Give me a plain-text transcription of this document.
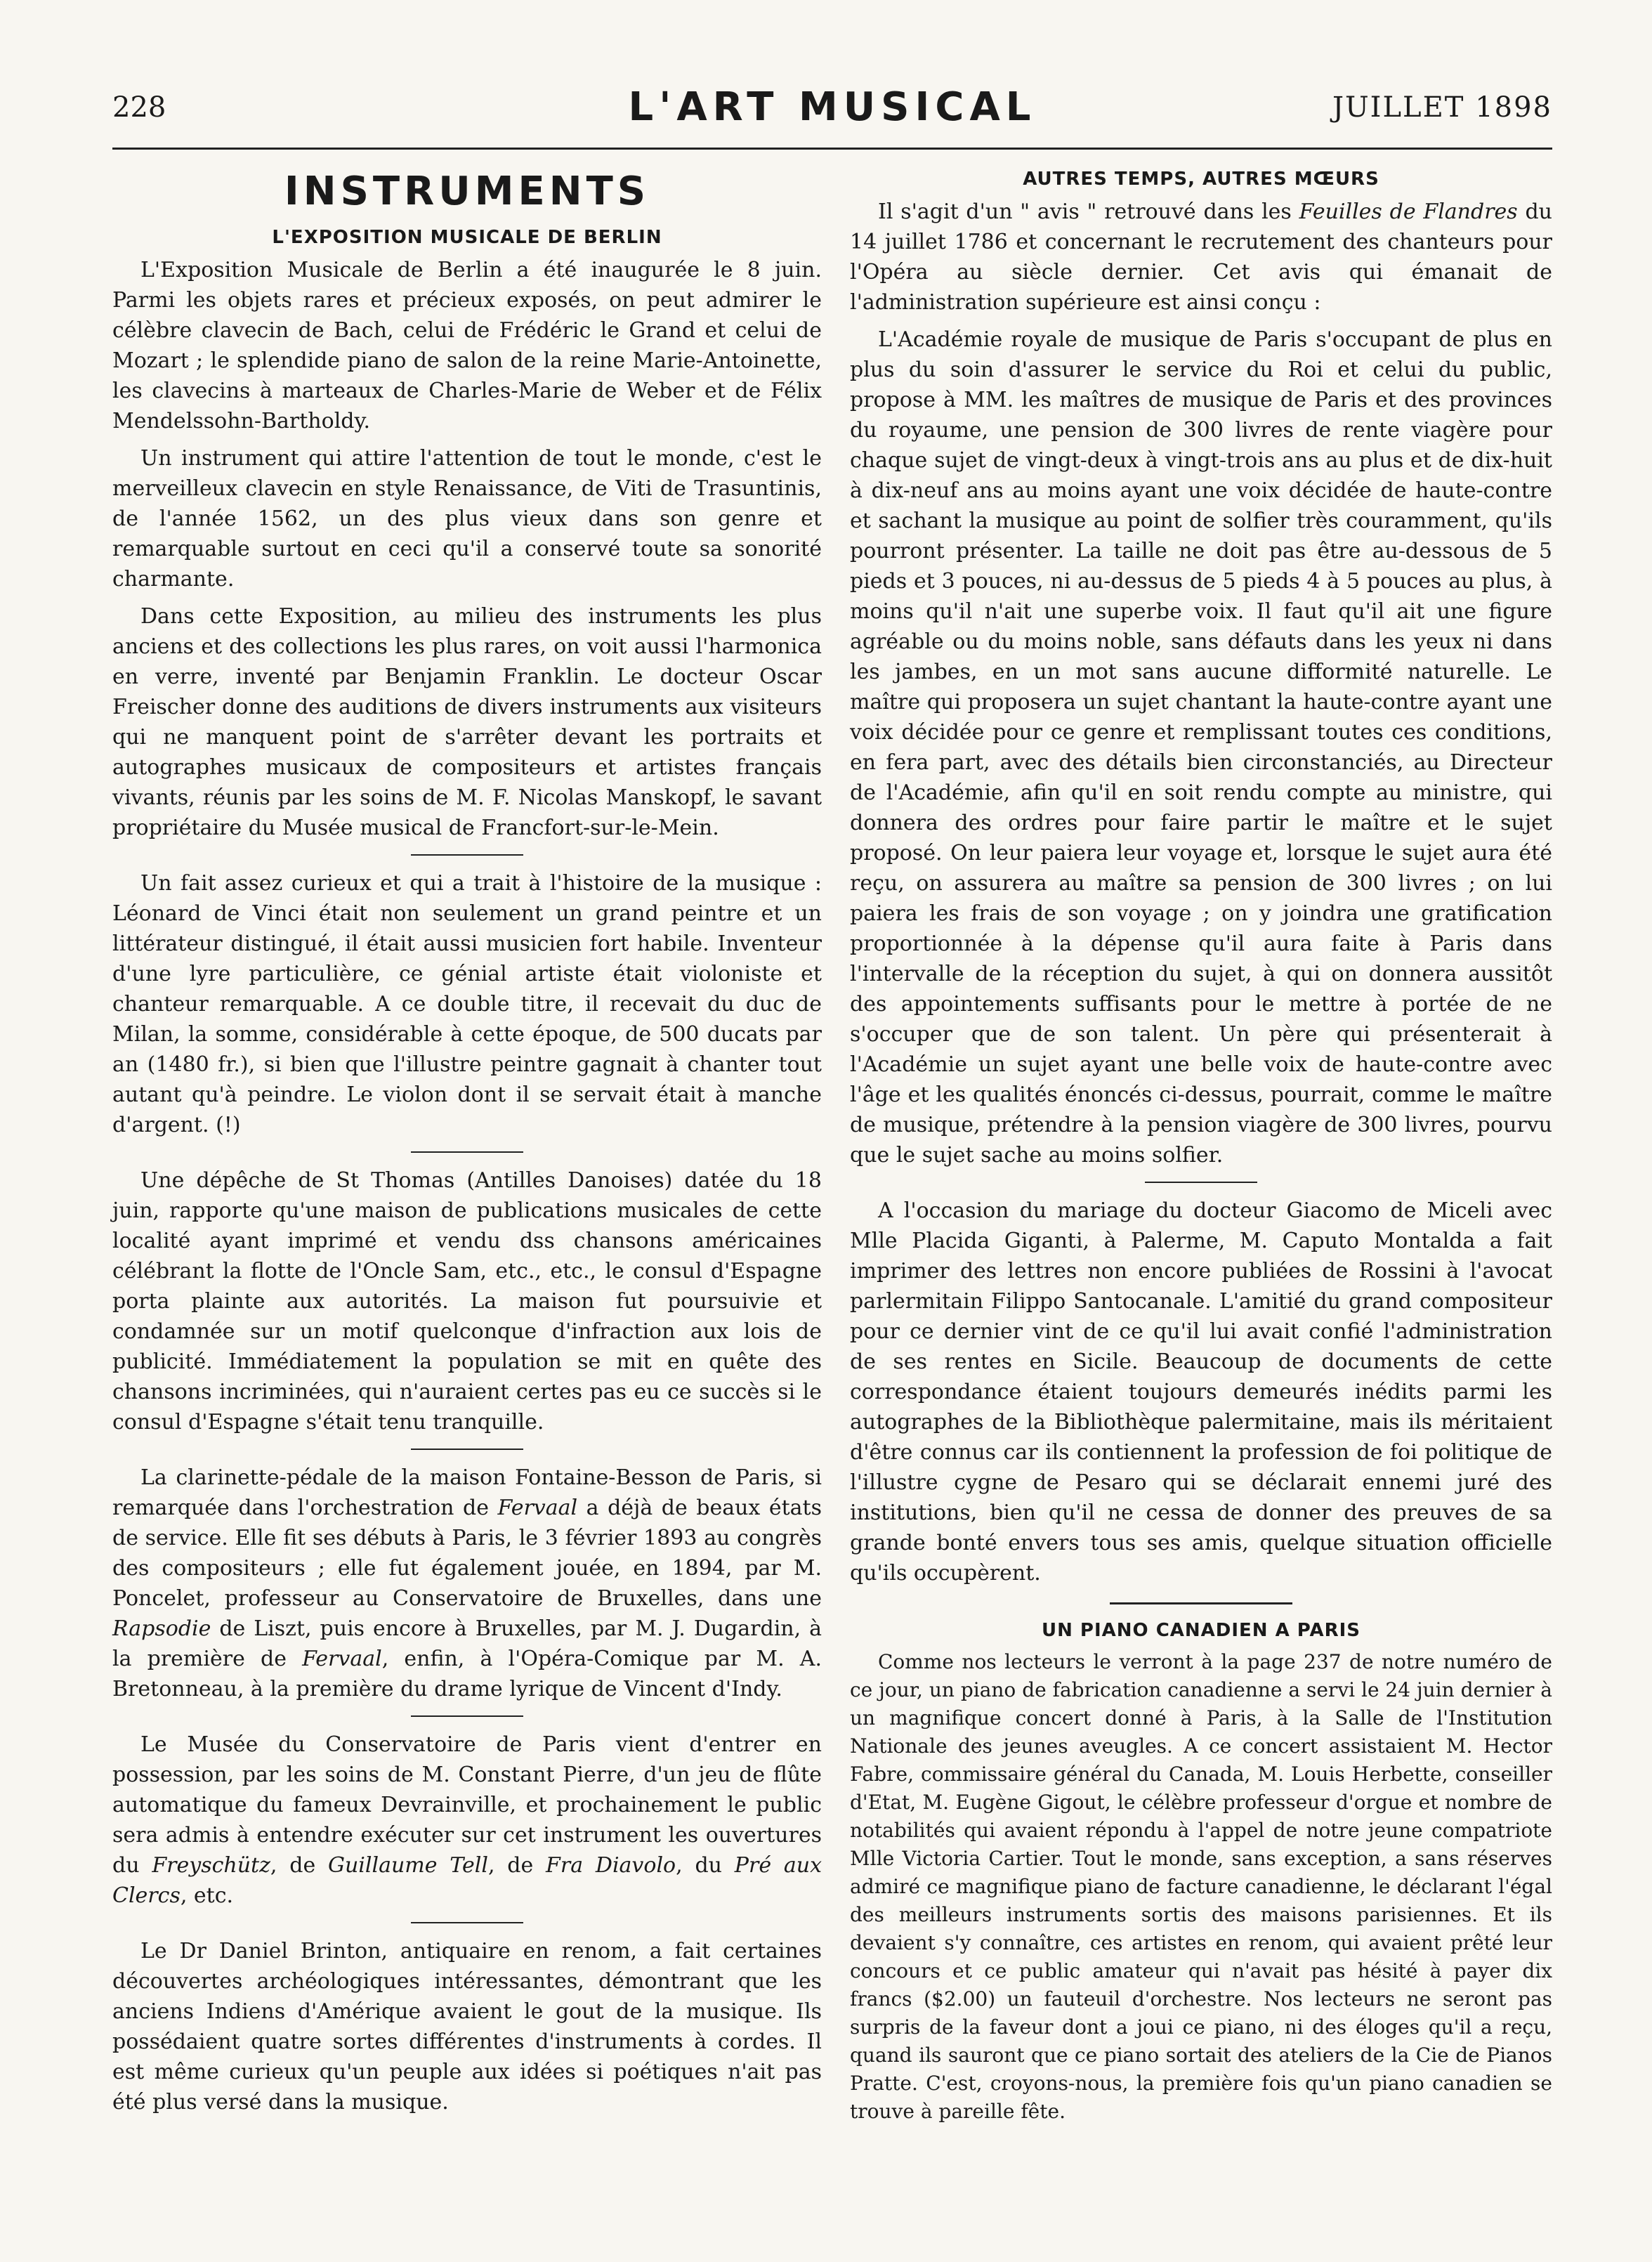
228	L'ART MUSICAL	JUILLET 1898
INSTRUMENTS
L'EXPOSITION MUSICALE DE BERLIN

L'Exposition Musicale de Berlin a été inaugurée le 8 juin. Parmi les objets rares et précieux exposés, on peut admirer le célèbre clavecin de Bach, celui de Frédéric le Grand et celui de Mozart ; le splendide piano de salon de la reine Marie-Antoinette, les clavecins à marteaux de Charles-Marie de Weber et de Félix Mendelssohn-Bartholdy.

Un instrument qui attire l'attention de tout le monde, c'est le merveilleux clavecin en style Renaissance, de Viti de Trasuntinis, de l'année 1562, un des plus vieux dans son genre et remarquable surtout en ceci qu'il a conservé toute sa sonorité charmante.

Dans cette Exposition, au milieu des instruments les plus anciens et des collections les plus rares, on voit aussi l'harmonica en verre, inventé par Benjamin Franklin. Le docteur Oscar Freischer donne des auditions de divers instruments aux visiteurs qui ne manquent point de s'arrêter devant les portraits et autographes musicaux de compositeurs et artistes français vivants, réunis par les soins de M. F. Nicolas Manskopf, le savant propriétaire du Musée musical de Francfort-sur-le-Mein.

Un fait assez curieux et qui a trait à l'histoire de la musique : Léonard de Vinci était non seulement un grand peintre et un littérateur distingué, il était aussi musicien fort habile. Inventeur d'une lyre particulière, ce génial artiste était violoniste et chanteur remarquable. A ce double titre, il recevait du duc de Milan, la somme, considérable à cette époque, de 500 ducats par an (1480 fr.), si bien que l'illustre peintre gagnait à chanter tout autant qu'à peindre. Le violon dont il se servait était à manche d'argent. (!)

Une dépêche de St Thomas (Antilles Danoises) datée du 18 juin, rapporte qu'une maison de publications musicales de cette localité ayant imprimé et vendu dss chansons américaines célébrant la flotte de l'Oncle Sam, etc., etc., le consul d'Espagne porta plainte aux autorités. La maison fut poursuivie et condamnée sur un motif quelconque d'infraction aux lois de publicité. Immédiatement la population se mit en quête des chansons incriminées, qui n'auraient certes pas eu ce succès si le consul d'Espagne s'était tenu tranquille.

La clarinette-pédale de la maison Fontaine-Besson de Paris, si remarquée dans l'orchestration de Fervaal a déjà de beaux états de service. Elle fit ses débuts à Paris, le 3 février 1893 au congrès des compositeurs ; elle fut également jouée, en 1894, par M. Poncelet, professeur au Conservatoire de Bruxelles, dans une Rapsodie de Liszt, puis encore à Bruxelles, par M. J. Dugardin, à la première de Fervaal, enfin, à l'Opéra-Comique par M. A. Bretonneau, à la première du drame lyrique de Vincent d'Indy.

Le Musée du Conservatoire de Paris vient d'entrer en possession, par les soins de M. Constant Pierre, d'un jeu de flûte automatique du fameux Devrainville, et prochainement le public sera admis à entendre exécuter sur cet instrument les ouvertures du Freyschütz, de Guillaume Tell, de Fra Diavolo, du Pré aux Clercs, etc.

Le Dr Daniel Brinton, antiquaire en renom, a fait certaines découvertes archéologiques intéressantes, démontrant que les anciens Indiens d'Amérique avaient le gout de la musique. Ils possédaient quatre sortes différentes d'instruments à cordes. Il est même curieux qu'un peuple aux idées si poétiques n'ait pas été plus versé dans la musique.

AUTRES TEMPS, AUTRES MŒURS

Il s'agit d'un " avis " retrouvé dans les Feuilles de Flandres du 14 juillet 1786 et concernant le recrutement des chanteurs pour l'Opéra au siècle dernier. Cet avis qui émanait de l'administration supérieure est ainsi conçu :

L'Académie royale de musique de Paris s'occupant de plus en plus du soin d'assurer le service du Roi et celui du public, propose à MM. les maîtres de musique de Paris et des provinces du royaume, une pension de 300 livres de rente viagère pour chaque sujet de vingt-deux à vingt-trois ans au plus et de dix-huit à dix-neuf ans au moins ayant une voix décidée de haute-contre et sachant la musique au point de solfier très couramment, qu'ils pourront présenter. La taille ne doit pas être au-dessous de 5 pieds et 3 pouces, ni au-dessus de 5 pieds 4 à 5 pouces au plus, à moins qu'il n'ait une superbe voix. Il faut qu'il ait une figure agréable ou du moins noble, sans défauts dans les yeux ni dans les jambes, en un mot sans aucune difformité naturelle. Le maître qui proposera un sujet chantant la haute-contre ayant une voix décidée pour ce genre et remplissant toutes ces conditions, en fera part, avec des détails bien circonstanciés, au Directeur de l'Académie, afin qu'il en soit rendu compte au ministre, qui donnera des ordres pour faire partir le maître et le sujet proposé. On leur paiera leur voyage et, lorsque le sujet aura été reçu, on assurera au maître sa pension de 300 livres ; on lui paiera les frais de son voyage ; on y joindra une gratification proportionnée à la dépense qu'il aura faite à Paris dans l'intervalle de la réception du sujet, à qui on donnera aussitôt des appointements suffisants pour le mettre à portée de ne s'occuper que de son talent. Un père qui présenterait à l'Académie un sujet ayant une belle voix de haute-contre avec l'âge et les qualités énoncés ci-dessus, pourrait, comme le maître de musique, prétendre à la pension viagère de 300 livres, pourvu que le sujet sache au moins solfier.

A l'occasion du mariage du docteur Giacomo de Miceli avec Mlle Placida Giganti, à Palerme, M. Caputo Montalda a fait imprimer des lettres non encore publiées de Rossini à l'avocat parlermitain Filippo Santocanale. L'amitié du grand compositeur pour ce dernier vint de ce qu'il lui avait confié l'administration de ses rentes en Sicile. Beaucoup de documents de cette correspondance étaient toujours demeurés inédits parmi les autographes de la Bibliothèque palermitaine, mais ils méritaient d'être connus car ils contiennent la profession de foi politique de l'illustre cygne de Pesaro qui se déclarait ennemi juré des institutions, bien qu'il ne cessa de donner des preuves de sa grande bonté envers tous ses amis, quelque situation officielle qu'ils occupèrent.

UN PIANO CANADIEN A PARIS

Comme nos lecteurs le verront à la page 237 de notre numéro de ce jour, un piano de fabrication canadienne a servi le 24 juin dernier à un magnifique concert donné à Paris, à la Salle de l'Institution Nationale des jeunes aveugles. A ce concert assistaient M. Hector Fabre, commissaire général du Canada, M. Louis Herbette, conseiller d'Etat, M. Eugène Gigout, le célèbre professeur d'orgue et nombre de notabilités qui avaient répondu à l'appel de notre jeune compatriote Mlle Victoria Cartier. Tout le monde, sans exception, a sans réserves admiré ce magnifique piano de facture canadienne, le déclarant l'égal des meilleurs instruments sortis des maisons parisiennes. Et ils devaient s'y connaître, ces artistes en renom, qui avaient prêté leur concours et ce public amateur qui n'avait pas hésité à payer dix francs ($2.00) un fauteuil d'orchestre. Nos lecteurs ne seront pas surpris de la faveur dont a joui ce piano, ni des éloges qu'il a reçu, quand ils sauront que ce piano sortait des ateliers de la Cie de Pianos Pratte. C'est, croyons-nous, la première fois qu'un piano canadien se trouve à pareille fête.
